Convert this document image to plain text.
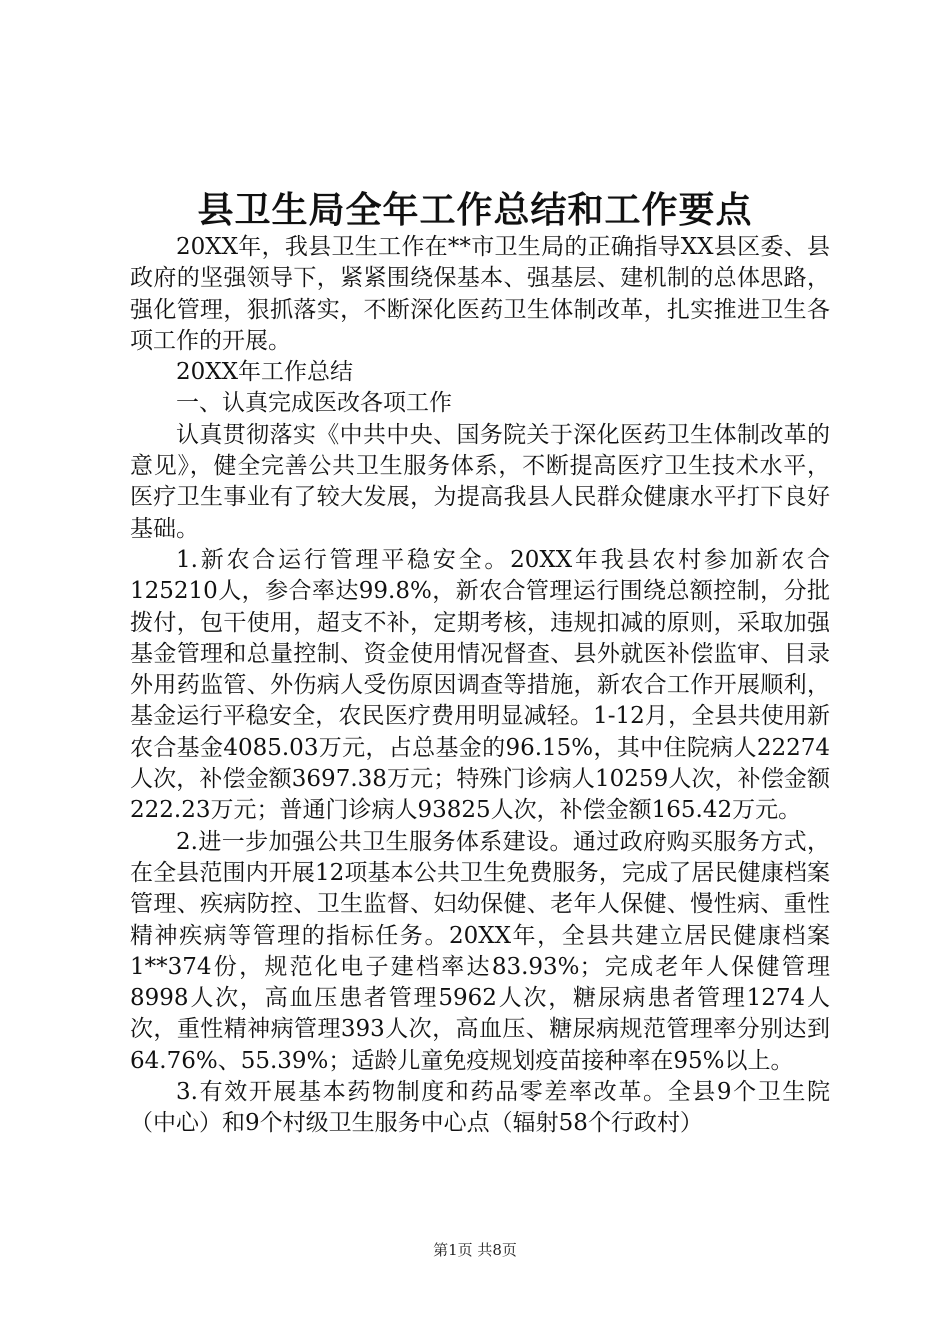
县卫生局全年工作总结和工作要点

20XX年，我县卫生工作在**市卫生局的正确指导XX县区委、县政府的坚强领导下，紧紧围绕保基本、强基层、建机制的总体思路，强化管理，狠抓落实，不断深化医药卫生体制改革，扎实推进卫生各项工作的开展。

20XX年工作总结

一、认真完成医改各项工作

认真贯彻落实《中共中央、国务院关于深化医药卫生体制改革的意见》，健全完善公共卫生服务体系，不断提高医疗卫生技术水平，医疗卫生事业有了较大发展，为提高我县人民群众健康水平打下良好基础。

1.新农合运行管理平稳安全。20XX年我县农村参加新农合125210人，参合率达99.8%，新农合管理运行围绕总额控制，分批拨付，包干使用，超支不补，定期考核，违规扣减的原则，采取加强基金管理和总量控制、资金使用情况督查、县外就医补偿监审、目录外用药监管、外伤病人受伤原因调查等措施，新农合工作开展顺利，基金运行平稳安全，农民医疗费用明显减轻。1-12月，全县共使用新农合基金4085.03万元，占总基金的96.15%，其中住院病人22274人次，补偿金额3697.38万元；特殊门诊病人10259人次，补偿金额222.23万元；普通门诊病人93825人次，补偿金额165.42万元。

2.进一步加强公共卫生服务体系建设。通过政府购买服务方式，在全县范围内开展12项基本公共卫生免费服务，完成了居民健康档案管理、疾病防控、卫生监督、妇幼保健、老年人保健、慢性病、重性精神疾病等管理的指标任务。20XX年，全县共建立居民健康档案1**374份，规范化电子建档率达83.93%；完成老年人保健管理8998人次，高血压患者管理5962人次，糖尿病患者管理1274人次，重性精神病管理393人次，高血压、糖尿病规范管理率分别达到64.76%、55.39%；适龄儿童免疫规划疫苗接种率在95%以上。

3.有效开展基本药物制度和药品零差率改革。全县9个卫生院（中心）和9个村级卫生服务中心点（辐射58个行政村）

第1页 共8页
